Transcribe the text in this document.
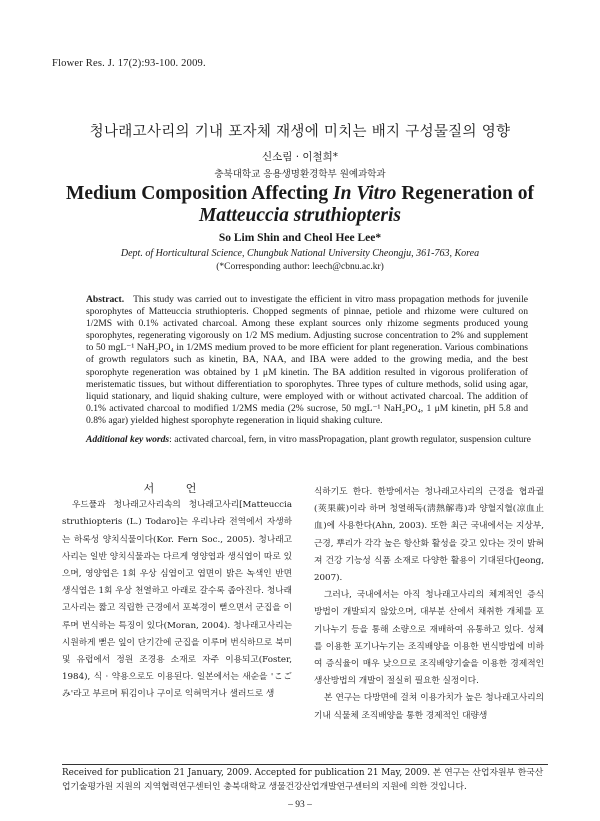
Flower Res. J. 17(2):93-100. 2009.
청나래고사리의 기내 포자체 재생에 미치는 배지 구성물질의 영향
신소림 · 이철희*
충북대학교 응용생명환경학부 원예과학과
Medium Composition Affecting In Vitro Regeneration of
Matteuccia struthiopteris
So Lim Shin and Cheol Hee Lee*
Dept. of Horticultural Science, Chungbuk National University Cheongju, 361-763, Korea
(*Corresponding author: leech@cbnu.ac.kr)
Abstract. This study was carried out to investigate the efficient in vitro mass propagation methods for juvenile sporophytes of Matteuccia struthiopteris. Chopped segments of pinnae, petiole and rhizome were cultured on 1/2MS with 0.1% activated charcoal. Among these explant sources only rhizome segments produced young sporophytes, regenerating vigorously on 1/2 MS medium. Adjusting sucrose concentration to 2% and supplement to 50 mgL⁻¹ NaH₂PO₄ in 1/2MS medium proved to be more efficient for plant regeneration. Various combinations of growth regulators such as kinetin, BA, NAA, and IBA were added to the growing media, and the best sporophyte regeneration was obtained by 1 μM kinetin. The BA addition resulted in vigorous proliferation of meristematic tissues, but without differentiation to sporophytes. Three types of culture methods, solid using agar, liquid stationary, and liquid shaking culture, were employed with or without activated charcoal. The addition of 0.1% activated charcoal to modified 1/2MS media (2% sucrose, 50 mgL⁻¹ NaH₂PO₄, 1 μM kinetin, pH 5.8 and 0.8% agar) yielded highest sporophyte regeneration in liquid shaking culture.
Additional key words: activated charcoal, fern, in vitro massPropagation, plant growth regulator, suspension culture

서 언

우드풀과 청나래고사리속의 청나래고사리[Matteuccia struthiopteris (L.) Todaro]는 우리나라 전역에서 자생하는 하록성 양치식물이다(Kor. Fern Soc., 2005). 청나래고사리는 일반 양치식물과는 다르게 영양엽과 생식엽이 따로 있으며, 영양엽은 1회 우상 심엽이고 엽면이 밝은 녹색인 반면 생식엽은 1회 우상 천열하고 아래로 갈수록 좁아진다. 청나래고사리는 짧고 직립한 근경에서 포복경이 뻗으면서 군집을 이루며 번식하는 특징이 있다(Moran, 2004). 청나래고사리는 시원하게 뻗은 잎이 단기간에 군집을 이루며 번식하므로 북미 및 유럽에서 정원 조경용 소재로 자주 이용되고(Foster, 1984), 식 · 약용으로도 이용된다. 일본에서는 새순을 'こごみ'라고 부르며 튀김이나 구이로 익혀먹거나 샐러드로 생

식하기도 한다. 한방에서는 청나래고사리의 근경을 협과궐(莢果蕨)이라 하며 청열해독(淸熱解毒)과 양혈지혈(凉血止血)에 사용한다(Ahn, 2003). 또한 최근 국내에서는 지상부, 근경, 뿌리가 각각 높은 항산화 활성을 갖고 있다는 것이 밝혀져 건강 기능성 식품 소재로 다양한 활용이 기대된다(Jeong, 2007).

그러나, 국내에서는 아직 청나래고사리의 체계적인 증식 방법이 개발되지 않았으며, 대부분 산에서 채취한 개체를 포기나누기 등을 통해 소량으로 재배하여 유통하고 있다. 성체를 이용한 포기나누기는 조직배양을 이용한 번식방법에 비하여 증식율이 매우 낮으므로 조직배양기술을 이용한 경제적인 생산방법의 개발이 절실히 필요한 실정이다.

본 연구는 다방면에 걸쳐 이용가치가 높은 청나래고사리의 기내 식물체 조직배양을 통한 경제적인 대량생

Received for publication 21 January, 2009. Accepted for publication 21 May, 2009. 본 연구는 산업자원부 한국산업기술평가원 지원의 지역협력연구센터인 충북대학교 생물건강산업개발연구센터의 지원에 의한 것입니다.
– 93 –
